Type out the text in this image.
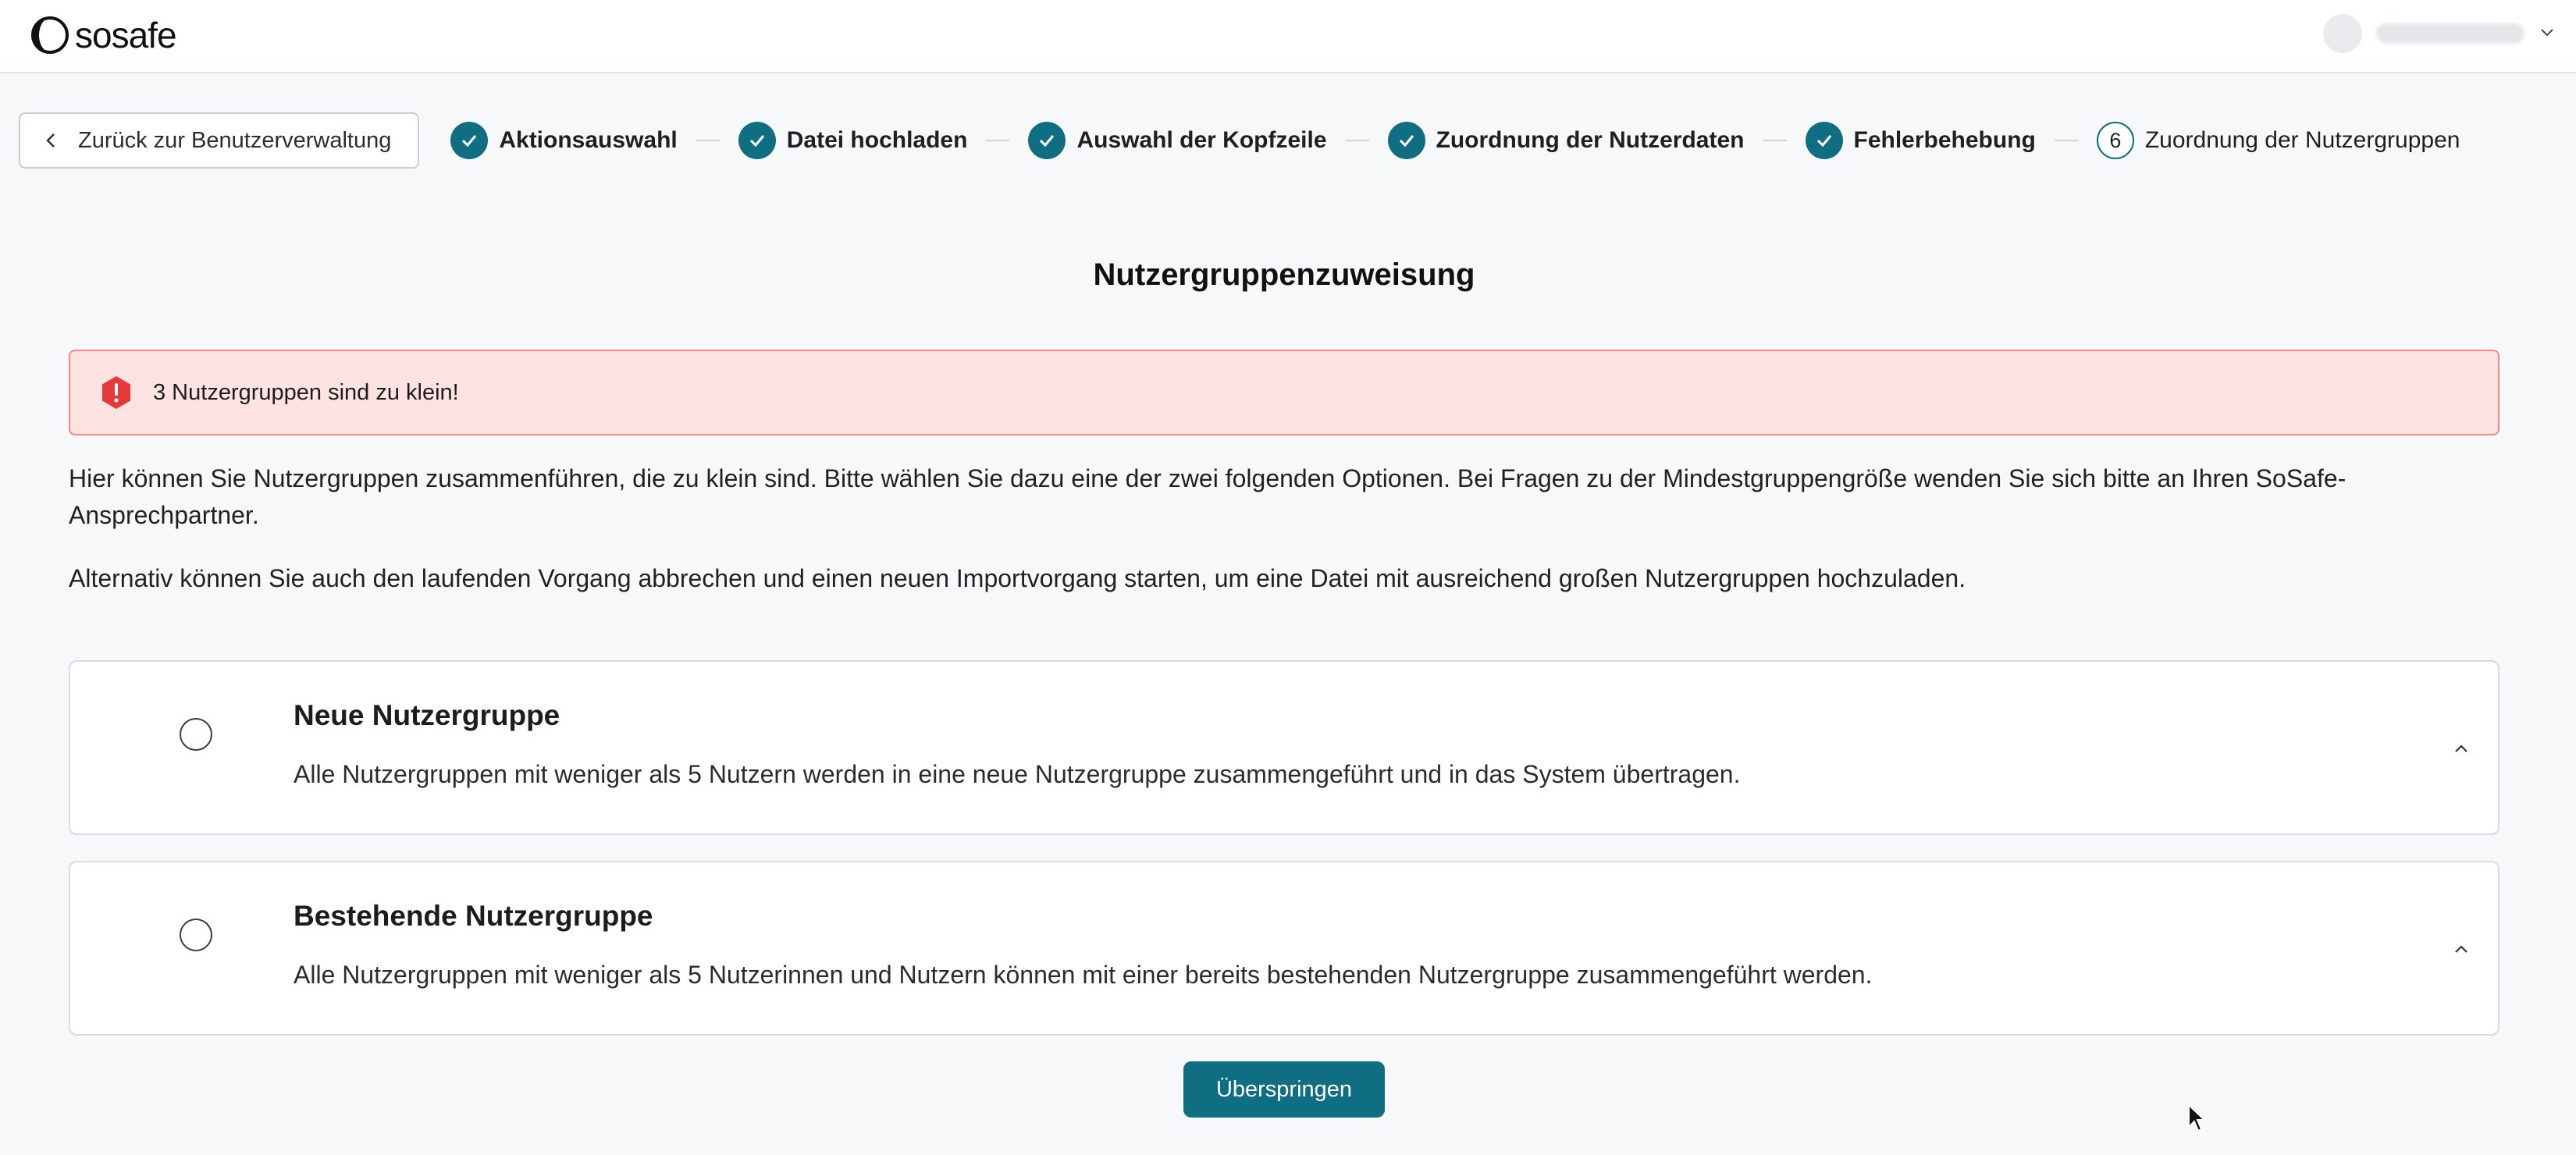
sosafe
Zurück zur Benutzerverwaltung	Aktionsauswahl	Datei hochladen	Auswahl der Kopfzeile	Zuordnung der Nutzerdaten	Fehlerbehebung	6	Zuordnung der Nutzergruppen
Nutzergruppenzuweisung
3 Nutzergruppen sind zu klein!

Hier können Sie Nutzergruppen zusammenführen, die zu klein sind. Bitte wählen Sie dazu eine der zwei folgenden Optionen. Bei Fragen zu der Mindestgruppengröße wenden Sie sich bitte an Ihren SoSafe-Ansprechpartner.

Alternativ können Sie auch den laufenden Vorgang abbrechen und einen neuen Importvorgang starten, um eine Datei mit ausreichend großen Nutzergruppen hochzuladen.

Neue Nutzergruppe
Alle Nutzergruppen mit weniger als 5 Nutzern werden in eine neue Nutzergruppe zusammengeführt und in das System übertragen.
Bestehende Nutzergruppe
Alle Nutzergruppen mit weniger als 5 Nutzerinnen und Nutzern können mit einer bereits bestehenden Nutzergruppe zusammengeführt werden.
Überspringen
